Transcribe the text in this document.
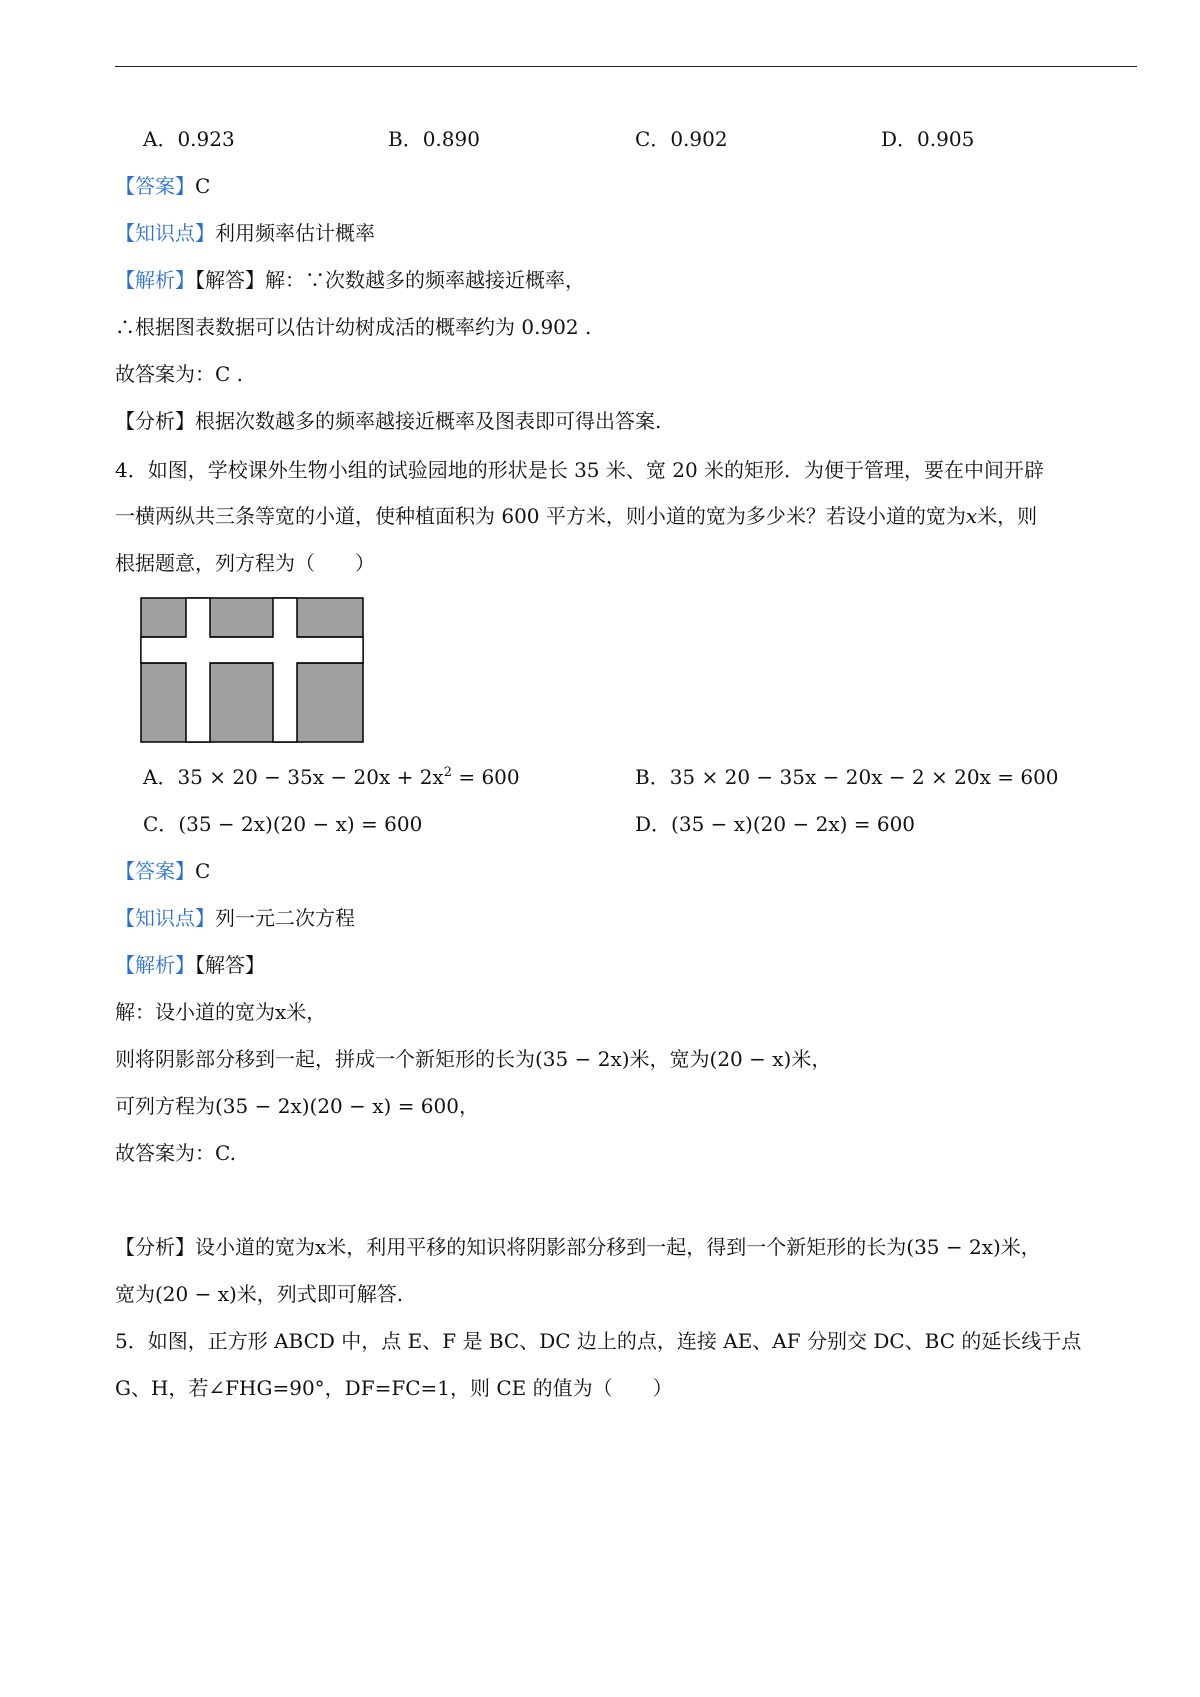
A．0.923	B．0.890	C．0.902	D．0.905
【答案】C
【知识点】利用频率估计概率
【解析】【解答】解：∵次数越多的频率越接近概率，
∴根据图表数据可以估计幼树成活的概率约为 0.902 .
故答案为：C .
【分析】根据次数越多的频率越接近概率及图表即可得出答案.
4．如图，学校课外生物小组的试验园地的形状是长 35 米、宽 20 米的矩形．为便于管理，要在中间开辟
一横两纵共三条等宽的小道，使种植面积为 600 平方米，则小道的宽为多少米？若设小道的宽为x米，则
根据题意，列方程为（　　）
A．$35 \times 20 - 35x - 20x + 2x^2 = 600$	B．35 × 20 − 35x − 20x − 2 × 20x = 600
C．(35 − 2x)(20 − x) = 600	D．(35 − x)(20 − 2x) = 600
【答案】C
【知识点】列一元二次方程
【解析】【解答】
解：设小道的宽为x米，
则将阴影部分移到一起，拼成一个新矩形的长为(35 − 2x)米，宽为(20 − x)米，
可列方程为(35 − 2x)(20 − x) = 600，
故答案为：C.
【分析】设小道的宽为x米，利用平移的知识将阴影部分移到一起，得到一个新矩形的长为(35 − 2x)米，
宽为(20 − x)米，列式即可解答.
5．如图，正方形 ABCD 中，点 E、F 是 BC、DC 边上的点，连接 AE、AF 分别交 DC、BC 的延长线于点
G、H，若∠FHG=90°，DF=FC=1，则 CE 的值为（　　）
